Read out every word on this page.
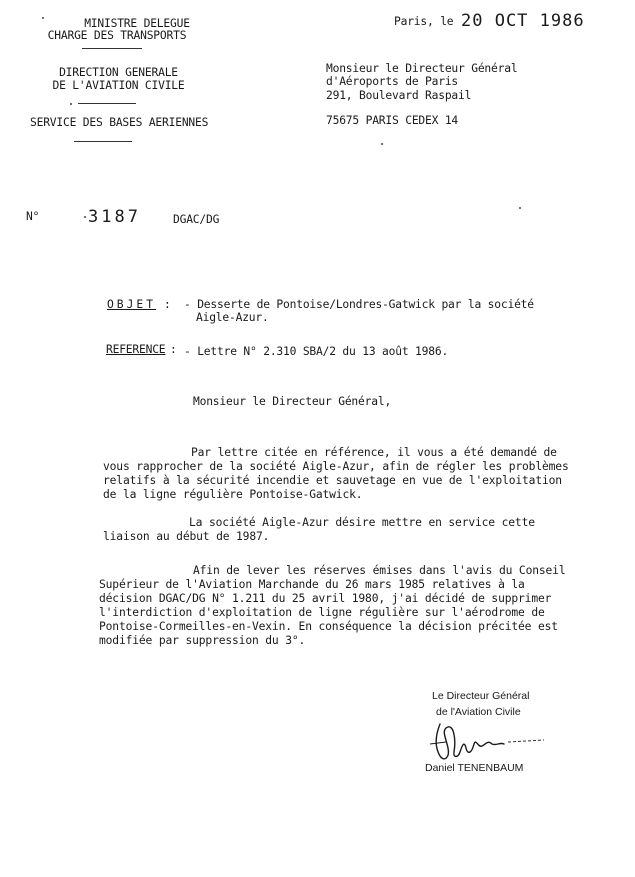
MINISTRE DELEGUE
CHARGE DES TRANSPORTS
DIRECTION GENERALE
DE L'AVIATION CIVILE
SERVICE DES BASES AERIENNES
Paris, le 20 OCT 1986
Monsieur le Directeur Général
d'Aéroports de Paris
291, Boulevard Raspail
75675 PARIS CEDEX 14
N°	3187	DGAC/DG
OBJET : - Desserte de Pontoise/Londres-Gatwick par la société
Aigle-Azur.
REFERENCE : - Lettre N° 2.310 SBA/2 du 13 août 1986.
Monsieur le Directeur Général,
Par lettre citée en référence, il vous a été demandé de
vous rapprocher de la société Aigle-Azur, afin de régler les problèmes
relatifs à la sécurité incendie et sauvetage en vue de l'exploitation
de la ligne régulière Pontoise-Gatwick.
La société Aigle-Azur désire mettre en service cette
liaison au début de 1987.
Afin de lever les réserves émises dans l'avis du Conseil
Supérieur de l'Aviation Marchande du 26 mars 1985 relatives à la
décision DGAC/DG N° 1.211 du 25 avril 1980, j'ai décidé de supprimer
l'interdiction d'exploitation de ligne régulière sur l'aérodrome de
Pontoise-Cormeilles-en-Vexin. En conséquence la décision précitée est
modifiée par suppression du 3°.
Le Directeur Général
de l'Aviation Civile
Daniel TENENBAUM
